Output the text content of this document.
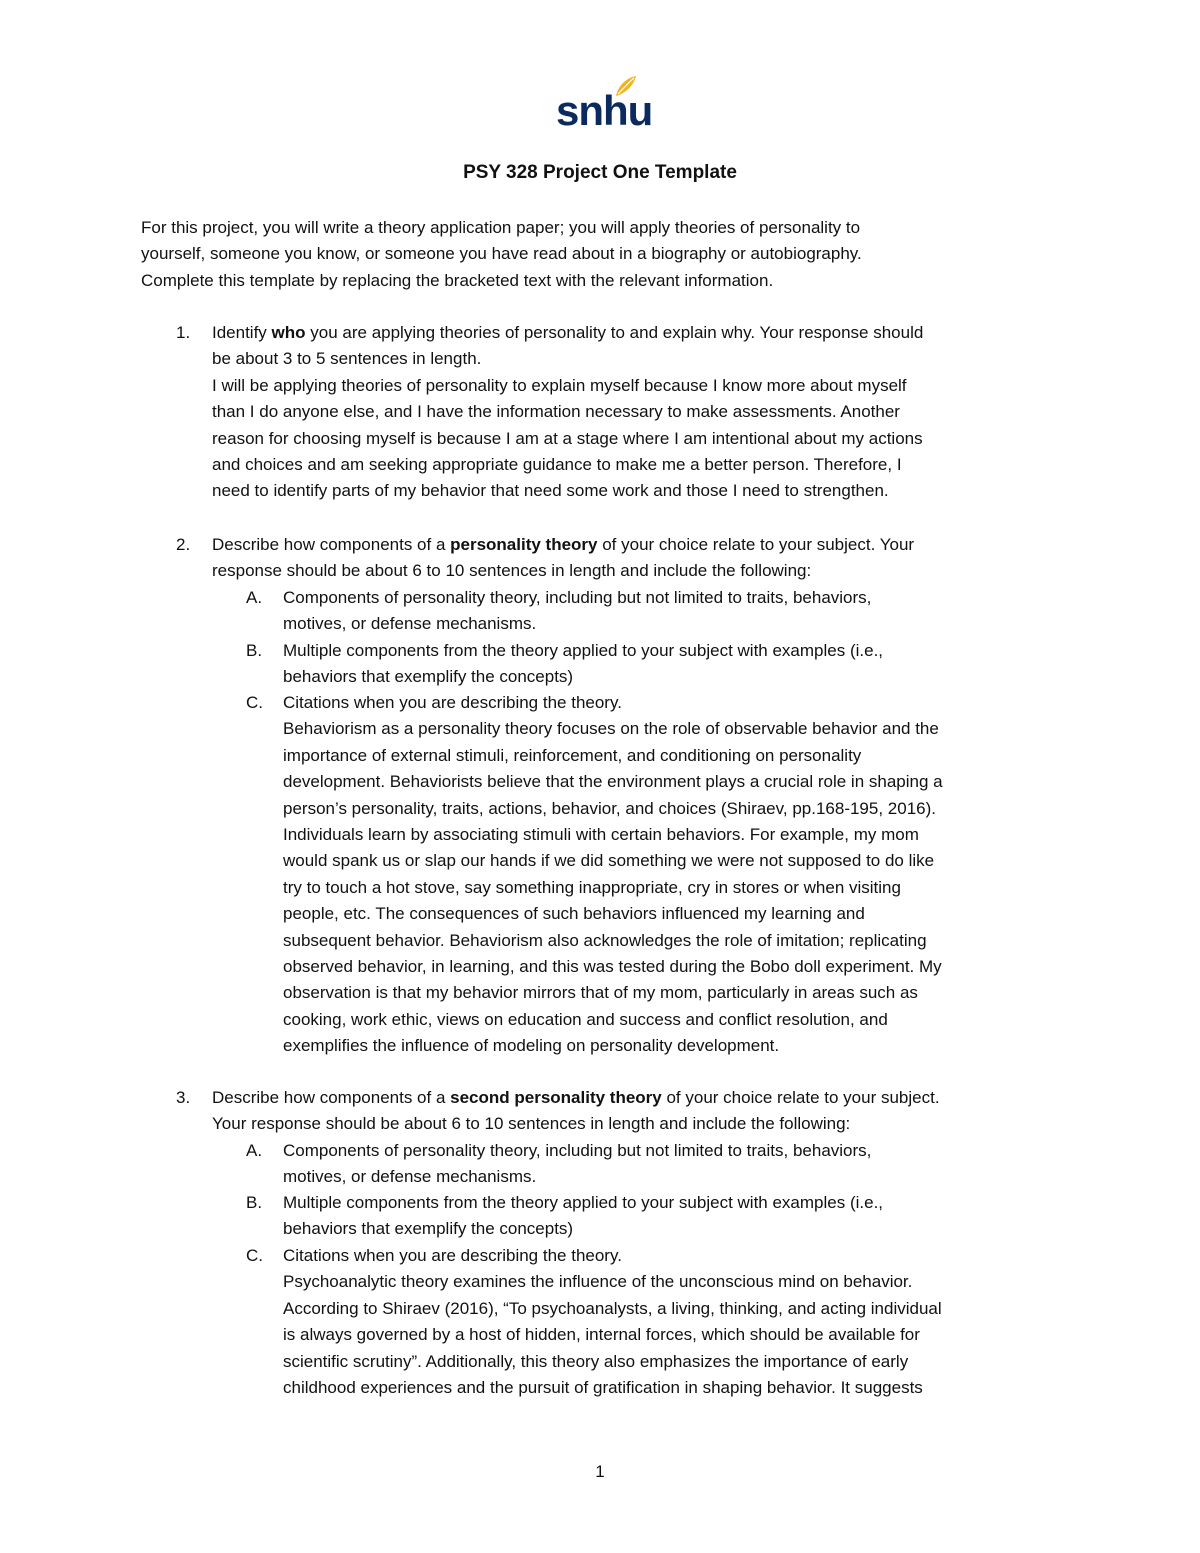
snhu
PSY 328 Project One Template
For this project, you will write a theory application paper; you will apply theories of personality to
yourself, someone you know, or someone you have read about in a biography or autobiography.
Complete this template by replacing the bracketed text with the relevant information.
1. Identify who you are applying theories of personality to and explain why. Your response should
be about 3 to 5 sentences in length.
I will be applying theories of personality to explain myself because I know more about myself
than I do anyone else, and I have the information necessary to make assessments. Another
reason for choosing myself is because I am at a stage where I am intentional about my actions
and choices and am seeking appropriate guidance to make me a better person. Therefore, I
need to identify parts of my behavior that need some work and those I need to strengthen.
2. Describe how components of a personality theory of your choice relate to your subject. Your
response should be about 6 to 10 sentences in length and include the following:
A. Components of personality theory, including but not limited to traits, behaviors,
motives, or defense mechanisms.
B. Multiple components from the theory applied to your subject with examples (i.e.,
behaviors that exemplify the concepts)
C. Citations when you are describing the theory.
Behaviorism as a personality theory focuses on the role of observable behavior and the
importance of external stimuli, reinforcement, and conditioning on personality
development. Behaviorists believe that the environment plays a crucial role in shaping a
person’s personality, traits, actions, behavior, and choices (Shiraev, pp.168-195, 2016).
Individuals learn by associating stimuli with certain behaviors. For example, my mom
would spank us or slap our hands if we did something we were not supposed to do like
try to touch a hot stove, say something inappropriate, cry in stores or when visiting
people, etc. The consequences of such behaviors influenced my learning and
subsequent behavior. Behaviorism also acknowledges the role of imitation; replicating
observed behavior, in learning, and this was tested during the Bobo doll experiment. My
observation is that my behavior mirrors that of my mom, particularly in areas such as
cooking, work ethic, views on education and success and conflict resolution, and
exemplifies the influence of modeling on personality development.
3. Describe how components of a second personality theory of your choice relate to your subject.
Your response should be about 6 to 10 sentences in length and include the following:
A. Components of personality theory, including but not limited to traits, behaviors,
motives, or defense mechanisms.
B. Multiple components from the theory applied to your subject with examples (i.e.,
behaviors that exemplify the concepts)
C. Citations when you are describing the theory.
Psychoanalytic theory examines the influence of the unconscious mind on behavior.
According to Shiraev (2016), “To psychoanalysts, a living, thinking, and acting individual
is always governed by a host of hidden, internal forces, which should be available for
scientific scrutiny”. Additionally, this theory also emphasizes the importance of early
childhood experiences and the pursuit of gratification in shaping behavior. It suggests
1
